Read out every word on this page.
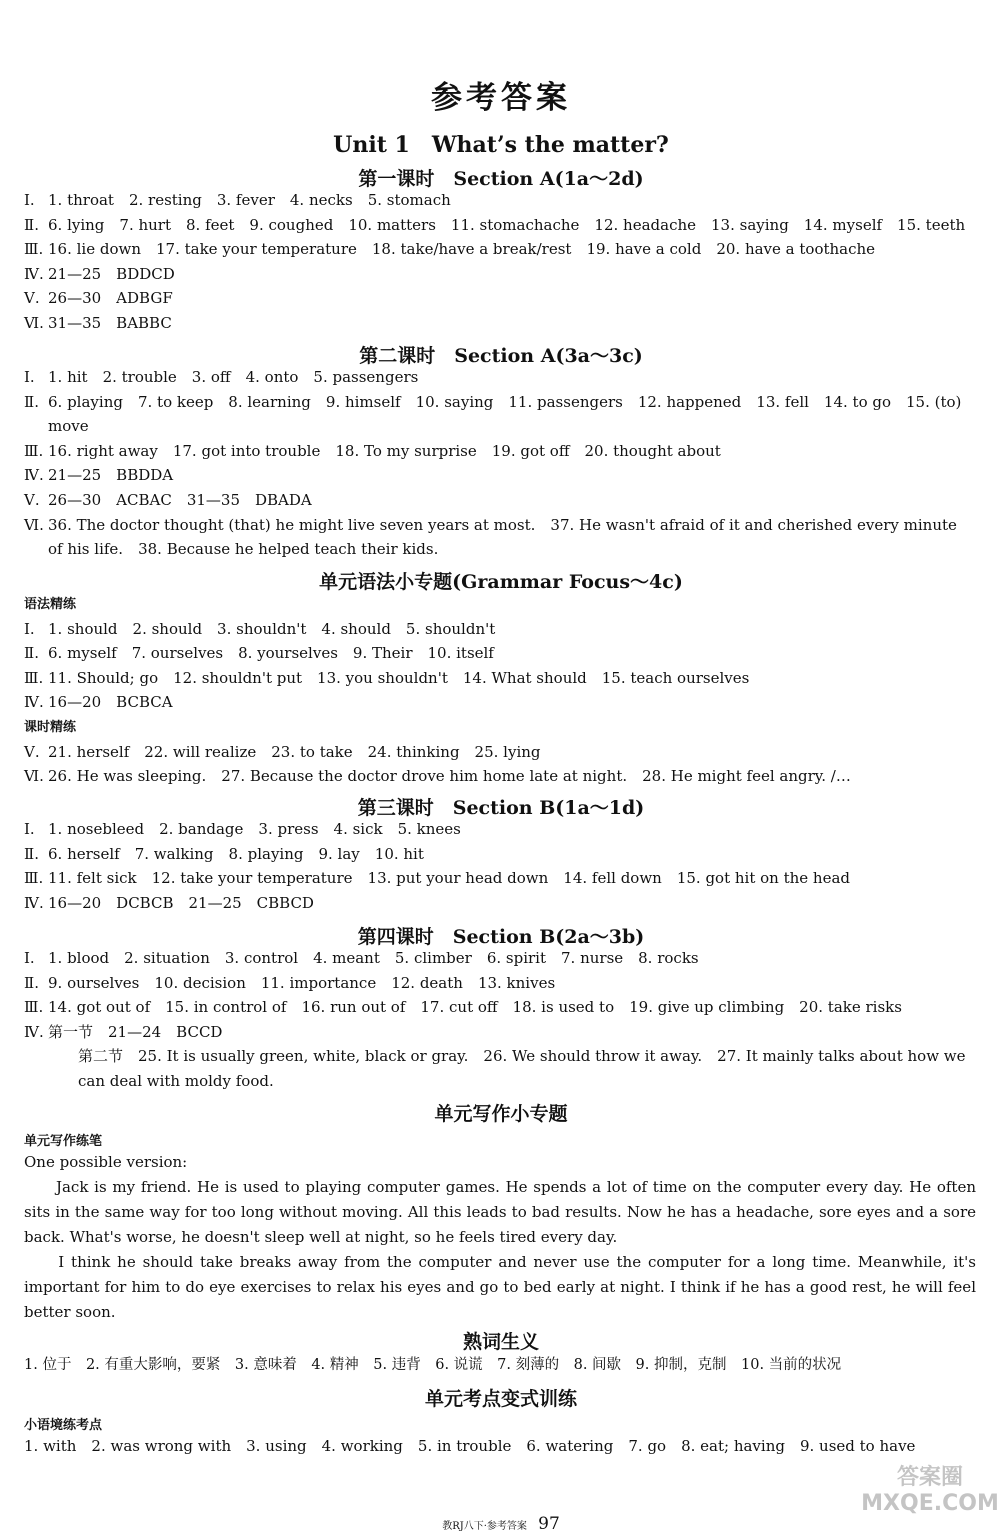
参考答案
Unit 1　What’s the matter?
第一课时　Section A(1a～2d)
Ⅰ. 1. throat　2. resting　3. fever　4. necks　5. stomach
Ⅱ. 6. lying　7. hurt　8. feet　9. coughed　10. matters　11. stomachache　12. headache　13. saying　14. myself　15. teeth
Ⅲ. 16. lie down　17. take your temperature　18. take/have a break/rest　19. have a cold　20. have a toothache
Ⅳ. 21—25　BDDCD
Ⅴ. 26—30　ADBGF
Ⅵ. 31—35　BABBC
第二课时　Section A(3a～3c)
Ⅰ. 1. hit　2. trouble　3. off　4. onto　5. passengers
Ⅱ. 6. playing　7. to keep　8. learning　9. himself　10. saying　11. passengers　12. happened　13. fell　14. to go　15. (to)
move
Ⅲ. 16. right away　17. got into trouble　18. To my surprise　19. got off　20. thought about
Ⅳ. 21—25　BBDDA
Ⅴ. 26—30　ACBAC　31—35　DBADA
Ⅵ. 36. The doctor thought (that) he might live seven years at most.　37. He wasn't afraid of it and cherished every minute
of his life.　38. Because he helped teach their kids.
单元语法小专题(Grammar Focus～4c)
语法精练
Ⅰ. 1. should　2. should　3. shouldn't　4. should　5. shouldn't
Ⅱ. 6. myself　7. ourselves　8. yourselves　9. Their　10. itself
Ⅲ. 11. Should; go　12. shouldn't put　13. you shouldn't　14. What should　15. teach ourselves
Ⅳ. 16—20　BCBCA
课时精练
Ⅴ. 21. herself　22. will realize　23. to take　24. thinking　25. lying
Ⅵ. 26. He was sleeping.　27. Because the doctor drove him home late at night.　28. He might feel angry. /…
第三课时　Section B(1a～1d)
Ⅰ. 1. nosebleed　2. bandage　3. press　4. sick　5. knees
Ⅱ. 6. herself　7. walking　8. playing　9. lay　10. hit
Ⅲ. 11. felt sick　12. take your temperature　13. put your head down　14. fell down　15. got hit on the head
Ⅳ. 16—20　DCBCB　21—25　CBBCD
第四课时　Section B(2a～3b)
Ⅰ. 1. blood　2. situation　3. control　4. meant　5. climber　6. spirit　7. nurse　8. rocks
Ⅱ. 9. ourselves　10. decision　11. importance　12. death　13. knives
Ⅲ. 14. got out of　15. in control of　16. run out of　17. cut off　18. is used to　19. give up climbing　20. take risks
Ⅳ. 第一节　21—24　BCCD
　　第二节　25. It is usually green, white, black or gray.　26. We should throw it away.　27. It mainly talks about how we
　　can deal with moldy food.
单元写作小专题
单元写作练笔
One possible version:
　　Jack is my friend. He is used to playing computer games. He spends a lot of time on the computer every day. He often sits in the same way for too long without moving. All this leads to bad results. Now he has a headache, sore eyes and a sore back. What's worse, he doesn't sleep well at night, so he feels tired every day.
　　I think he should take breaks away from the computer and never use the computer for a long time. Meanwhile, it's important for him to do eye exercises to relax his eyes and go to bed early at night. I think if he has a good rest, he will feel better soon.
熟词生义
1. 位于　2. 有重大影响，要紧　3. 意味着　4. 精神　5. 违背　6. 说谎　7. 刻薄的　8. 间歇　9. 抑制，克制　10. 当前的状况
单元考点变式训练
小语境练考点
1. with　2. was wrong with　3. using　4. working　5. in trouble　6. watering　7. go　8. eat; having　9. used to have
教RJ八下·参考答案 97
答案圈
MXQE.COM
